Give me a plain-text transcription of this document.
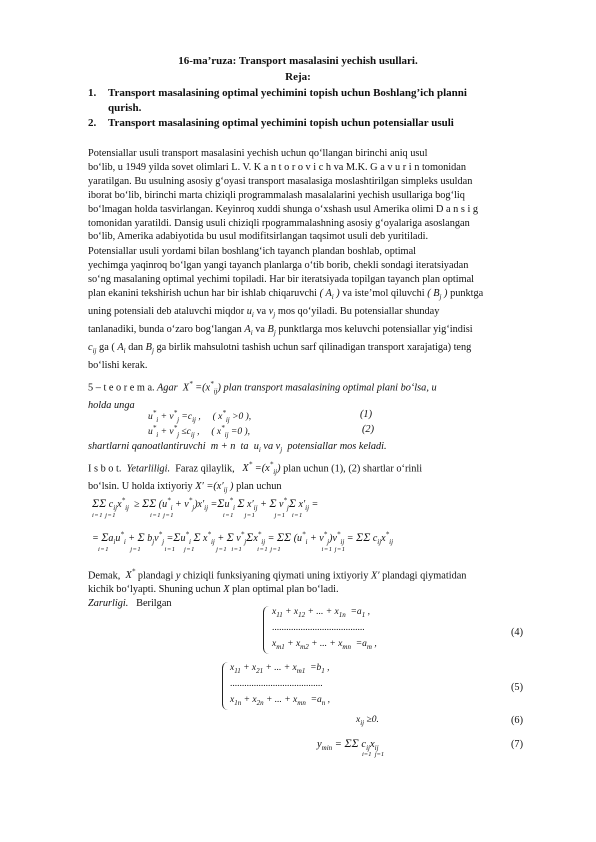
16-ma’ruza: Transport masalasini yechish usullari.
Reja:
1. Transport masalasining optimal yechimini topish uchun Boshlang’ich planni
qurish.
2. Transport masalasining optimal yechimini topish uchun potensiallar usuli

Potensiallar usuli transport masalasini yechish uchun qo‘llangan birinchi aniq usul

bo‘lib, u 1949 yilda sovet olimlari L. V. K a n t o r o v i c h va M.K. G a v u r i n tomonidan

yaratilgan. Bu usulning asosiy g‘oyasi transport masalasiga moslashtirilgan simpleks usuldan

iborat bo‘lib, birinchi marta chiziqli programmalash masalalarini yechish usullariga bog‘liq

bo‘lmagan holda tasvirlangan. Keyinroq xuddi shunga o‘xshash usul Amerika olimi D a n s i g

tomonidan yaratildi. Dansig usuli chiziqli rpogrammalashning asosiy g‘oyalariga asoslangan

bo‘lib, Amerika adabiyotida bu usul modifitsirlangan taqsimot usuli deb yuritiladi.

Potensiallar usuli yordami bilan boshlang‘ich tayanch plandan boshlab, optimal

yechimga yaqinroq bo‘lgan yangi tayanch planlarga o‘tib borib, chekli sondagi iteratsiyadan

so‘ng masalaning optimal yechimi topiladi. Har bir iteratsiyada topilgan tayanch plan optimal

plan ekanini tekshirish uchun har bir ishlab chiqaruvchi ( $A_i$ ) va iste’mol qiluvchi ( $B_j$ ) punktga

uning potensiali deb ataluvchi miqdor $u_i$ va $v_j$ mos qo‘yiladi. Bu potensiallar shunday

tanlanadiki, bunda o‘zaro bog‘langan $A_i$ va $B_j$ punktlarga mos keluvchi potensiallar yig‘indisi

$c_{ij}$ ga ( $A_i$ dan $B_j$ ga birlik mahsulotni tashish uchun sarf qilinadigan transport xarajatiga) teng

bo‘lishi kerak.

5 – t e o r e m a. Agar  $X^* =(x^*_{ij})$ plan transport masalasining optimal plani bo‘lsa, u

holda unga

$u^*_i + v^*_j =c_{ij}$ ,     ( $x^*_{ij} >0$ ),
$u^*_i + v^*_j \le c_{ij}$ ,     ( $x^*_{ij} =0$ ),
(1)
(2)

shartlarni qanoatlantiruvchi  m + n  ta  $u_i$ va $v_j$ potensiallar mos keladi.

I s b o t. Yetarliligi. Faraz qilaylik, $X^* =(x^*_{ij})$ plan uchun (1), (2) shartlar o‘rinli

bo‘lsin. U holda ixtiyoriy $X' =(x'_{ij}$ ) plan uchun

ΣΣ $c_{ij}x^*_{ij} \ge \Sigma\Sigma$ $(u^*_i + v^*_j)x'_{ij} =\Sigma u^*_i$ Σ $x'_{ij} + \Sigma$ $v^*_j\Sigma$ $x'_{ij}$ =
i=1 j=1                i=1 j=1                       i=1     j=1         j=1   i=1
= $\Sigma a_iu^*_i + \Sigma$ $b_jv^*_j =\Sigma u^*_i$ Σ $x^*_{ij} + \Sigma$ $v^*_j\Sigma x^*_{ij} = \Sigma\Sigma$ $(u^*_i + v^*_j)v^*_{ij} = \Sigma\Sigma$ $c_{ij}x^*_{ij}$
i=1          j=1           i=1    j=1          j=1  i=1       i=1 j=1                   i=1 j=1

Demak, X* plandagi y chiziqli funksiyaning qiymati uning ixtiyoriy X′ plandagi qiymatidan

kichik bo‘lyapti. Shuning uchun X plan optimal plan bo‘ladi.

Zarurligi. Berilgan

$x_{11} + x_{12}$ + ... + $x_{1n} =a_1$ ,
.......................................
$x_{m1} + x_{m2}$ + ... + $x_{mn} =a_m$ ,
(4)
$x_{11} + x_{21}$ + ... + $x_{m1} =b_1$ ,
.......................................
$x_{1n} + x_{2n}$ + ... + $x_{mn} =a_n$ ,
(5)
$x_{ij} \ge 0$.	(6)
$y_{min} = \Sigma\Sigma$ $c_{ij}x_{ij}$
i=1  j=1
(7)
